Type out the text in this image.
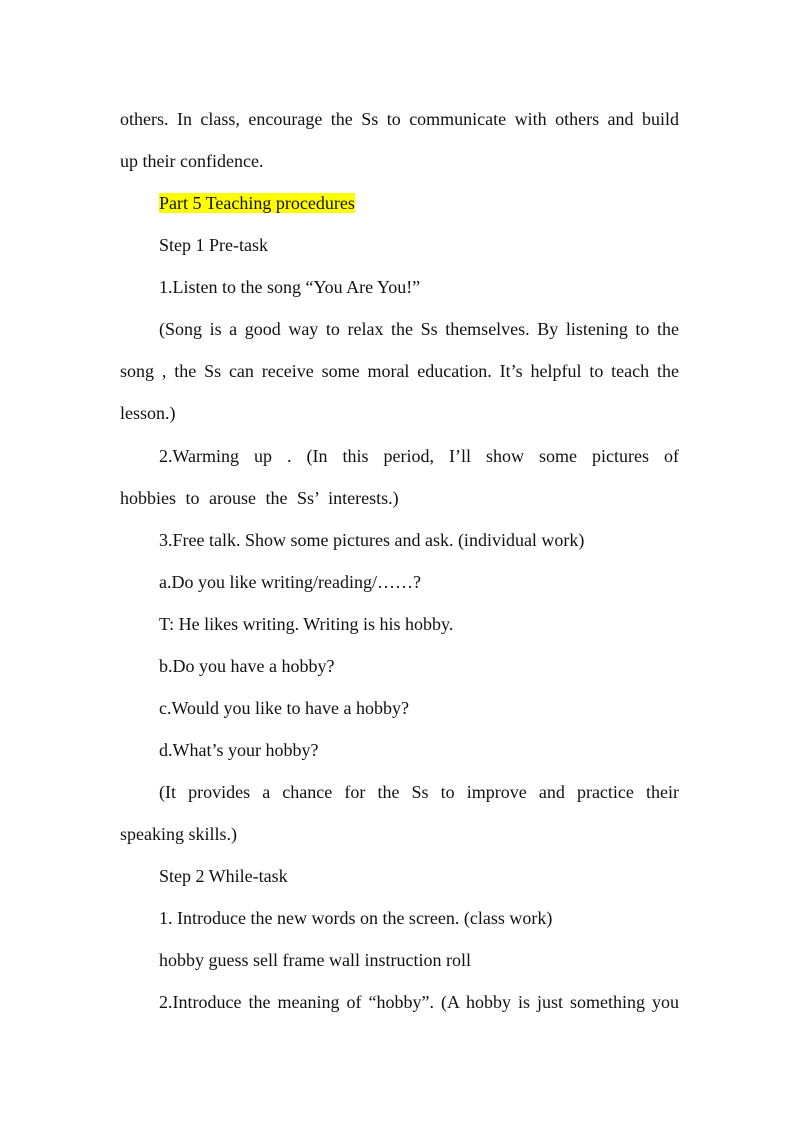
others. In class, encourage the Ss to communicate with others and build
up their confidence.
Part 5 Teaching procedures
Step 1 Pre-task
1.Listen to the song “You Are You!”
(Song is a good way to relax the Ss themselves. By listening to the
song , the Ss can receive some moral education. It’s helpful to teach the
lesson.)
2.Warming up . (In this period, I’ll show some pictures of
hobbies to arouse the Ss’ interests.)
3.Free talk. Show some pictures and ask. (individual work)
a.Do you like writing/reading/……?
T: He likes writing. Writing is his hobby.
b.Do you have a hobby?
c.Would you like to have a hobby?
d.What’s your hobby?
(It provides a chance for the Ss to improve and practice their
speaking skills.)
Step 2 While-task
1. Introduce the new words on the screen. (class work)
hobby guess sell frame wall instruction roll
2.Introduce the meaning of “hobby”. (A hobby is just something you
